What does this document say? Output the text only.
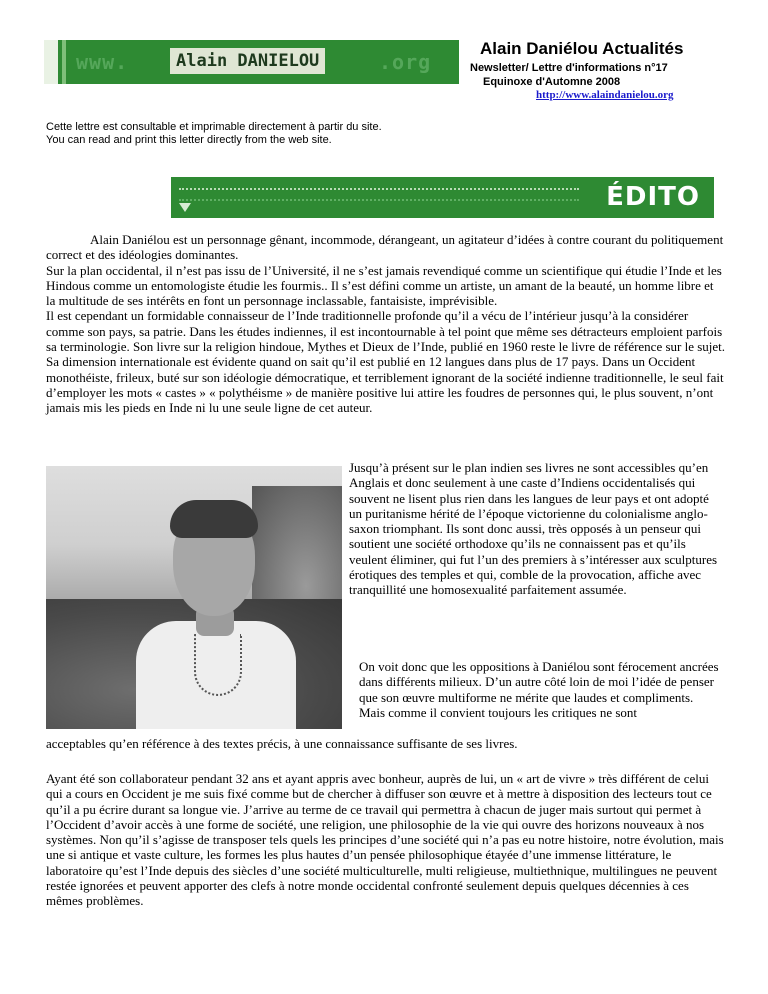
www.	Alain DANIELOU	.org
Alain Daniélou Actualités
Newsletter/ Lettre d'informations n°17
Equinoxe d'Automne 2008
http://www.alaindanielou.org
Cette lettre est consultable et imprimable directement à partir du site.
You can read and print this letter directly from the web site.
ÉDITO
Alain Daniélou est un personnage gênant, incommode, dérangeant, un agitateur d’idées à contre courant du politiquement correct et des idéologies dominantes.
Sur la plan occidental, il n’est pas issu de l’Université, il ne s’est jamais revendiqué comme un scientifique qui étudie l’Inde et les Hindous comme un entomologiste étudie les fourmis.. Il s’est défini comme un artiste, un amant de la beauté, un homme libre et la multitude de ses intérêts en font un personnage inclassable, fantaisiste, imprévisible.
Il est cependant un formidable connaisseur de l’Inde traditionnelle profonde qu’il a vécu de l’intérieur jusqu’à la considérer comme son pays, sa patrie. Dans les études indiennes, il est incontournable à tel point que même ses détracteurs emploient parfois sa terminologie. Son livre sur la religion hindoue, Mythes et Dieux de l’Inde, publié en 1960 reste le livre de référence sur le sujet. Sa dimension internationale est évidente quand on sait qu’il est publié en 12 langues dans plus de 17 pays. Dans un Occident monothéiste, frileux, buté sur son idéologie démocratique, et terriblement ignorant de la société indienne traditionnelle, le seul fait d’employer les mots « castes » « polythéisme » de manière positive lui attire les foudres de personnes qui, le plus souvent, n’ont jamais mis les pieds en Inde ni lu une seule ligne de cet auteur.
Jusqu’à présent sur le plan indien ses livres ne sont accessibles qu’en Anglais et donc seulement à une caste d’Indiens occidentalisés qui souvent ne lisent plus rien dans les langues de leur pays et ont adopté un puritanisme hérité de l’époque victorienne du colonialisme anglo-saxon triomphant. Ils sont donc aussi, très opposés à un penseur qui soutient une société orthodoxe qu’ils ne connaissent pas et qu’ils veulent éliminer, qui fut l’un des premiers à s’intéresser aux sculptures érotiques des temples et qui, comble de la provocation, affiche avec tranquillité une homosexualité parfaitement assumée.
On voit donc que les oppositions à Daniélou sont férocement ancrées dans différents milieux. D’un autre côté loin de moi l’idée de penser que son œuvre multiforme ne mérite que laudes et compliments. Mais comme il convient toujours les critiques ne sont
acceptables qu’en référence à des textes précis, à une connaissance suffisante de ses livres.
Ayant été son collaborateur pendant 32 ans et ayant appris avec bonheur, auprès de lui, un « art de vivre » très différent de celui qui a cours en Occident je me suis fixé comme but de chercher à diffuser son œuvre et à mettre à disposition des lecteurs tout ce qu’il a pu écrire durant sa longue vie. J’arrive au terme de ce travail qui permettra à chacun de juger mais surtout qui permet à l’Occident d’avoir accès à une forme de société, une religion, une philosophie de la vie qui ouvre des horizons nouveaux à nos systèmes. Non qu’il s’agisse de transposer tels quels les principes d’une société qui n’a pas eu notre histoire, notre évolution, mais une si antique et vaste culture, les formes les plus hautes d’un pensée philosophique étayée d’une immense littérature, le laboratoire qu’est l’Inde depuis des siècles d’une société multiculturelle, multi religieuse, multiethnique, multilingues ne peuvent restée ignorées et peuvent apporter des clefs à notre monde occidental confronté seulement depuis quelques décennies à ces mêmes problèmes.
